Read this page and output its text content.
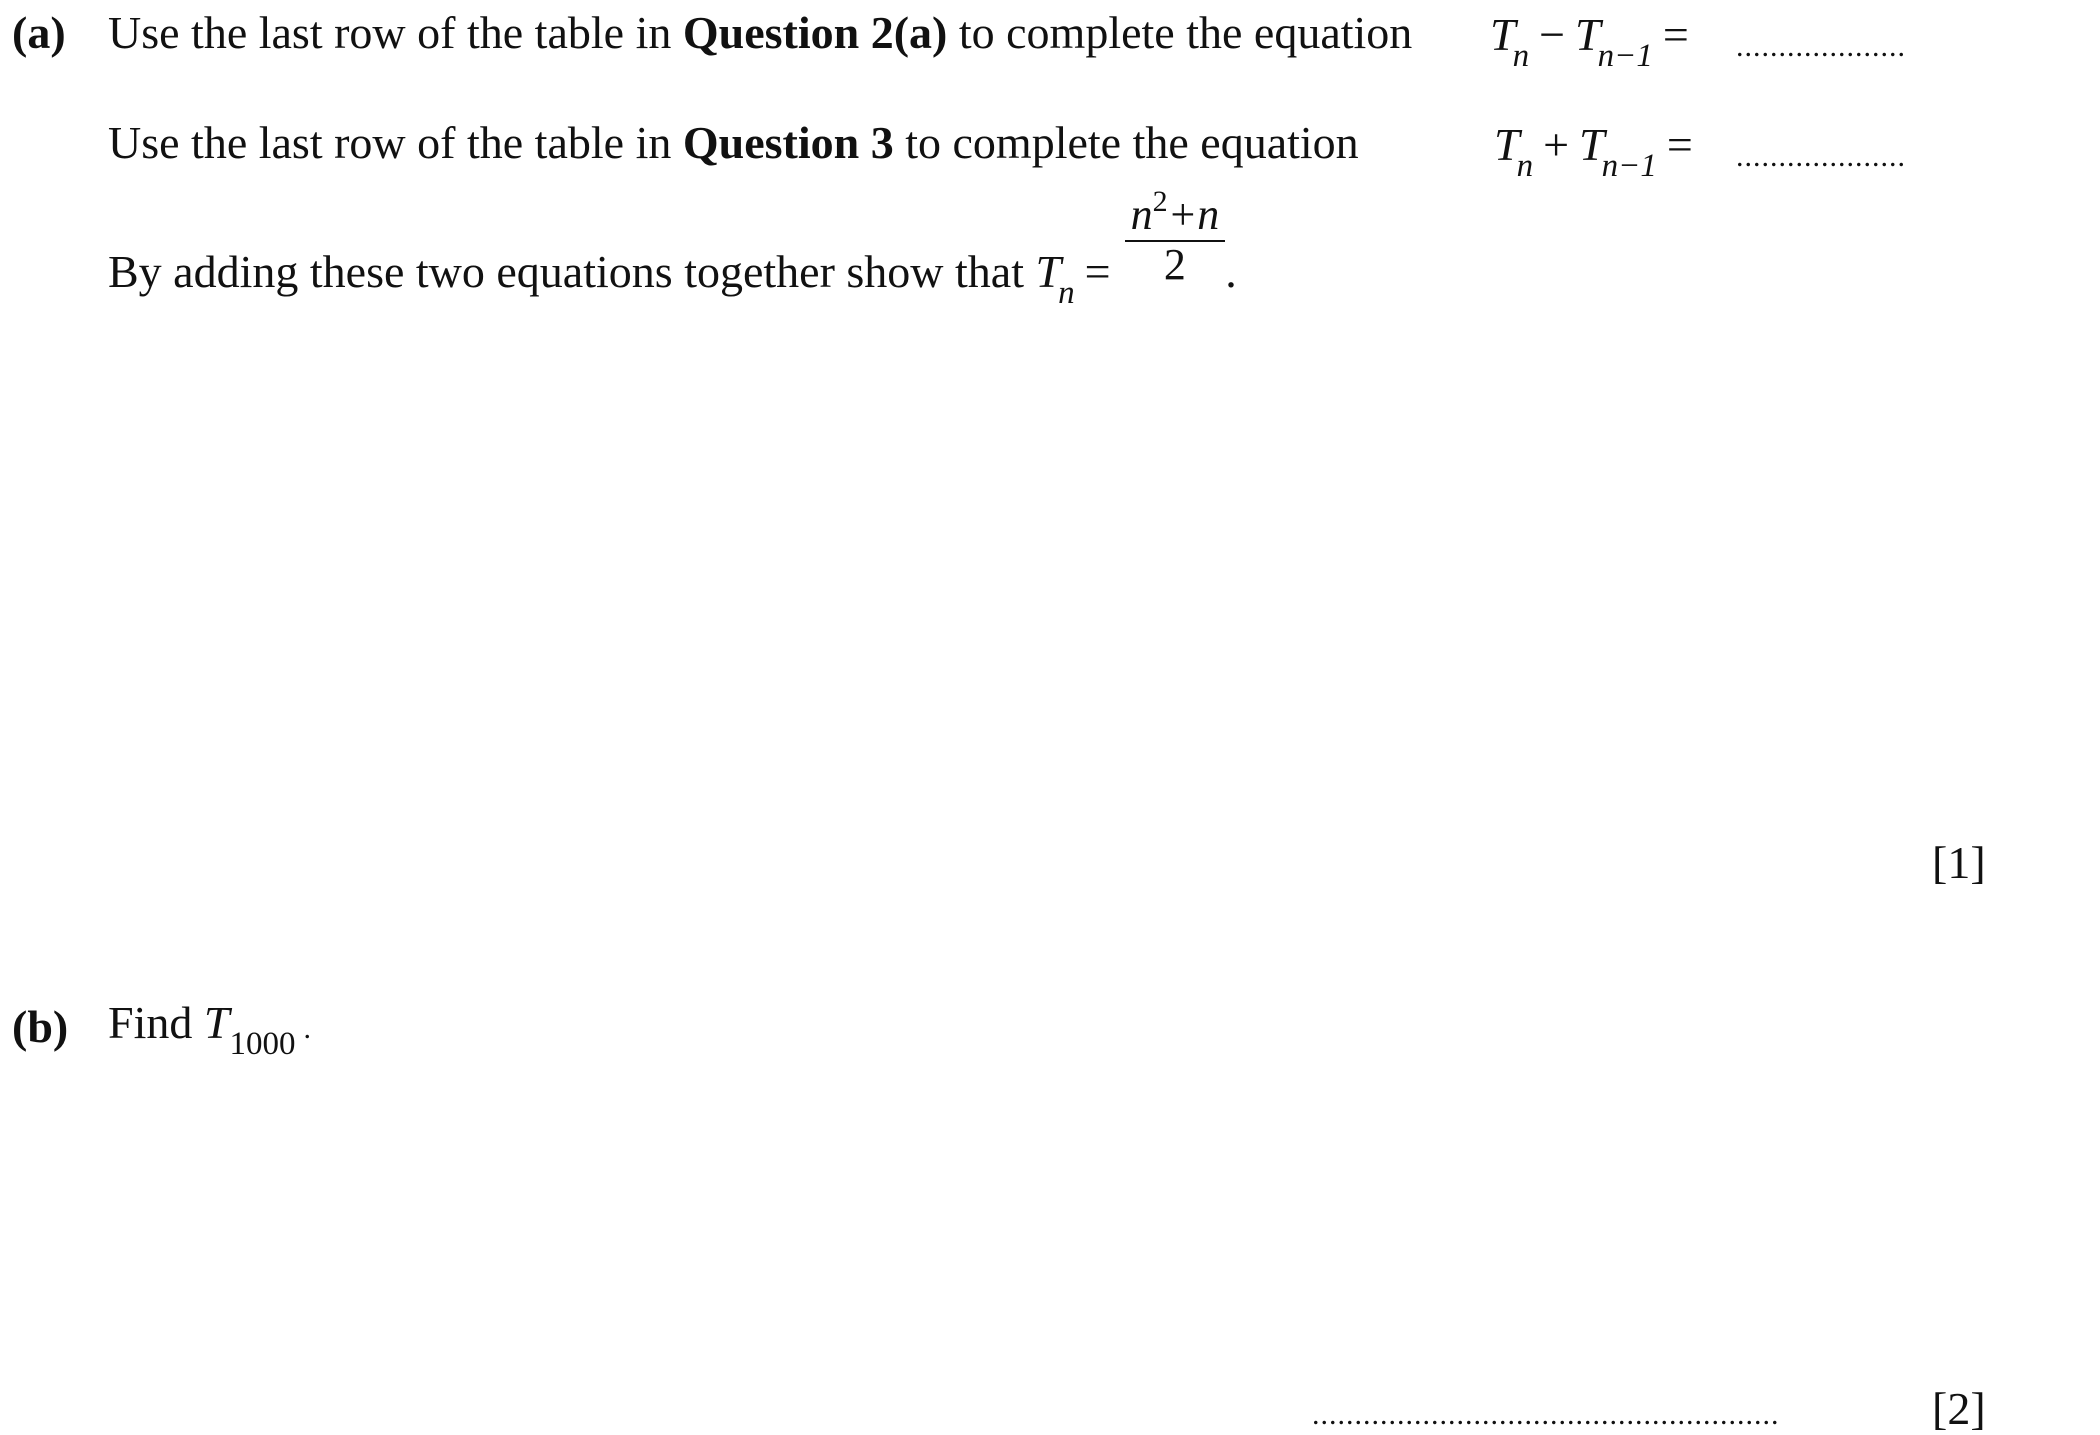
(a) Use the last row of the table in Question 2(a) to complete the equation $T_n - T_{n-1}$ =	....................
Use the last row of the table in Question 3 to complete the equation	$T_n + T_{n-1}$ =	....................
By adding these two equations together show that $T_n = \frac{n^2+n}{2}$ .
[1]
(b) Find $T_{1000}$ .
.......................................................	[2]
